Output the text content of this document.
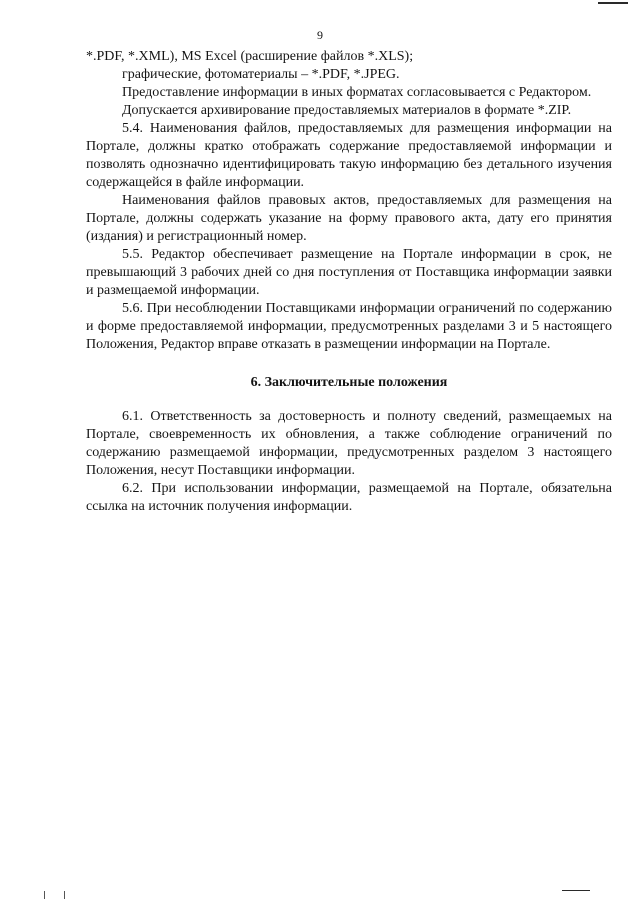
9

*.PDF, *.XML), MS Excel (расширение файлов *.XLS);

графические, фотоматериалы – *.PDF, *.JPEG.

Предоставление информации в иных форматах согласовывается с Редактором.

Допускается архивирование предоставляемых материалов в формате *.ZIP.

5.4. Наименования файлов, предоставляемых для размещения информации на Портале, должны кратко отображать содержание предоставляемой информации и позволять однозначно идентифицировать такую информацию без детального изучения содержащейся в файле информации.

Наименования файлов правовых актов, предоставляемых для размещения на Портале, должны содержать указание на форму правового акта, дату его принятия (издания) и регистрационный номер.

5.5. Редактор обеспечивает размещение на Портале информации в срок, не превышающий 3 рабочих дней со дня поступления от Поставщика информации заявки и размещаемой информации.

5.6. При несоблюдении Поставщиками информации ограничений по содержанию и форме предоставляемой информации, предусмотренных разделами 3 и 5 настоящего Положения, Редактор вправе отказать в размещении информации на Портале.

6. Заключительные положения

6.1. Ответственность за достоверность и полноту сведений, размещаемых на Портале, своевременность их обновления, а также соблюдение ограничений по содержанию размещаемой информации, предусмотренных разделом 3 настоящего Положения, несут Поставщики информации.

6.2. При использовании информации, размещаемой на Портале, обязательна ссылка на источник получения информации.
